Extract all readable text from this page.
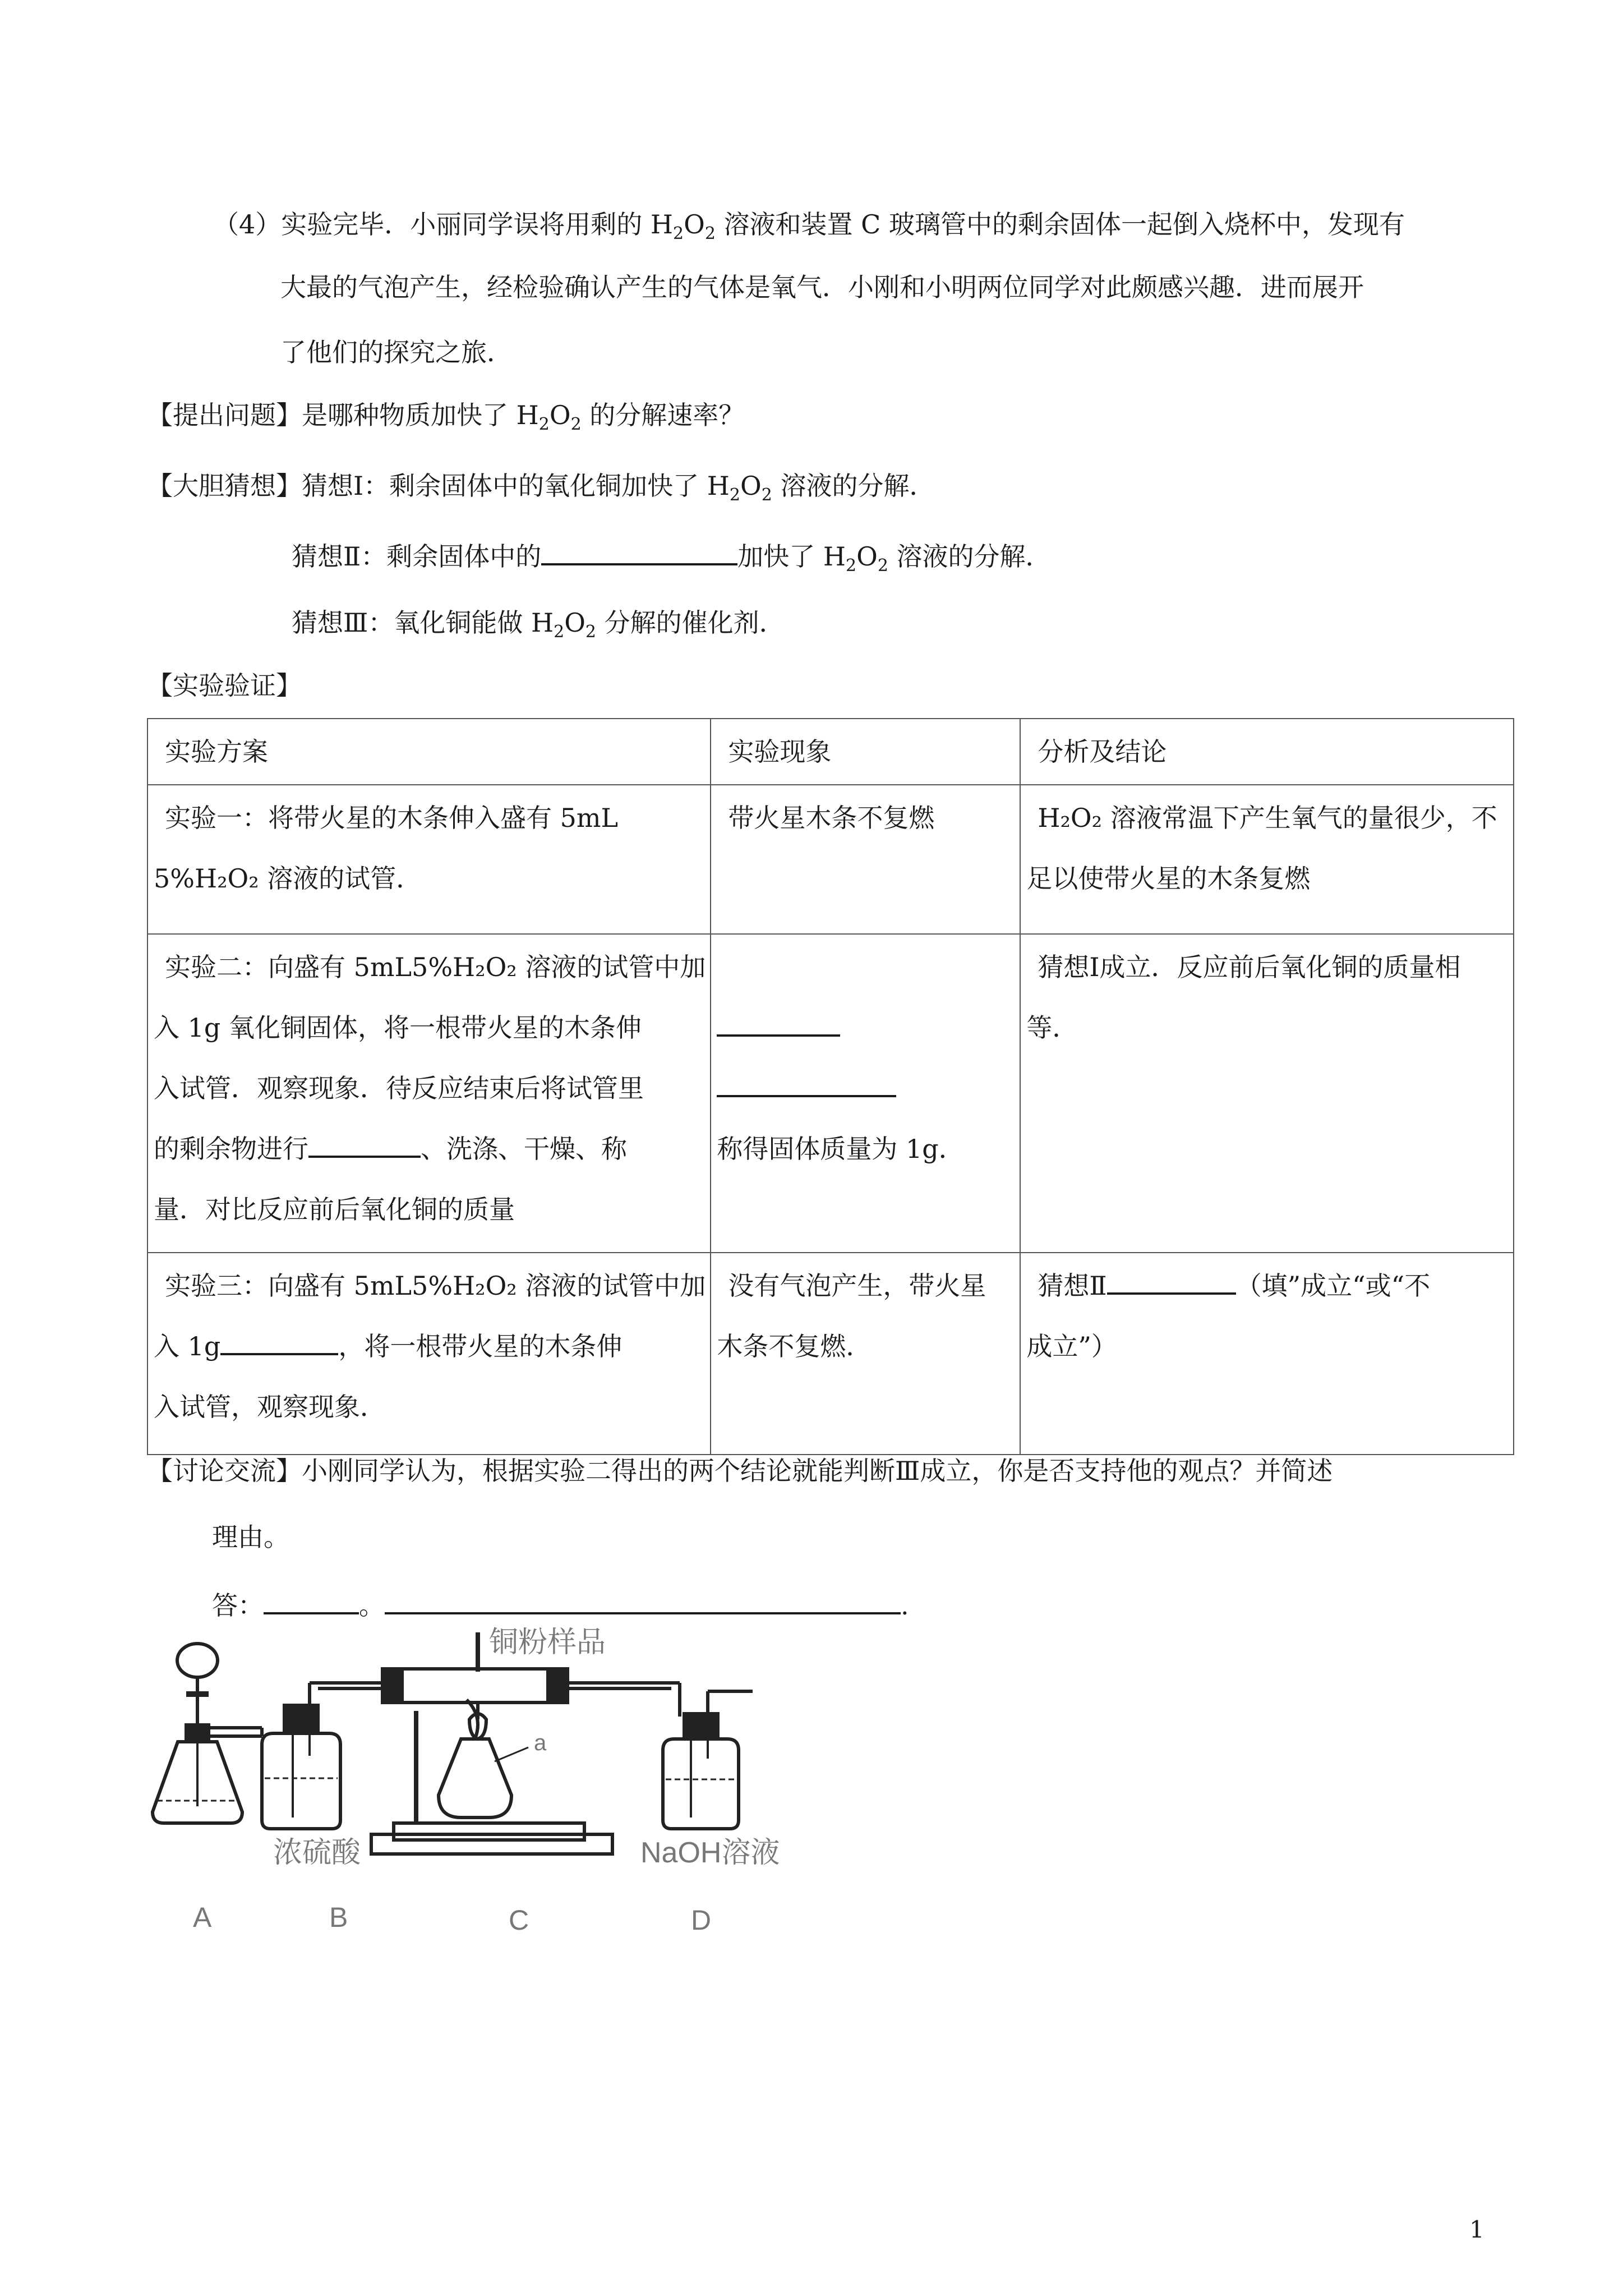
（4）实验完毕．小丽同学误将用剩的 $H_2O_2$ 溶液和装置 C 玻璃管中的剩余固体一起倒入烧杯中，发现有
大最的气泡产生，经检验确认产生的气体是氧气．小刚和小明两位同学对此颇感兴趣．进而展开
了他们的探究之旅．
【提出问题】是哪种物质加快了 $H_2O_2$ 的分解速率？
【大胆猜想】猜想Ⅰ：剩余固体中的氧化铜加快了 $H_2O_2$ 溶液的分解．
猜想Ⅱ：剩余固体中的	加快了 $H_2O_2$ 溶液的分解．
猜想Ⅲ：氧化铜能做 $H_2O_2$ 分解的催化剂．
【实验验证】
实验方案	实验现象	分析及结论

实验一：将带火星的木条伸入盛有 5mL
5%H₂O₂ 溶液的试管．	带火星木条不复燃	H₂O₂ 溶液常温下产生氧气的量很少，不
足以使带火星的木条复燃

实验二：向盛有 5mL5%H₂O₂ 溶液的试管中加
入 1g 氧化铜固体，将一根带火星的木条伸
入试管．观察现象．待反应结束后将试管里
的剩余物进行 、洗涤、干燥、称
量．对比反应前后氧化铜的质量	称得固体质量为 1g．	猜想Ⅰ成立．反应前后氧化铜的质量相
等．

实验三：向盛有 5mL5%H₂O₂ 溶液的试管中加
入 1g ，将一根带火星的木条伸
入试管，观察现象．	没有气泡产生，带火星
木条不复燃．	猜想Ⅱ （填”成立“或“不
成立”）
【讨论交流】小刚同学认为，根据实验二得出的两个结论就能判断Ⅲ成立，你是否支持他的观点？并简述
理由。
答：	。	.
铜粉样品
a
浓硫酸	NaOH溶液
A	B	C	D
1
